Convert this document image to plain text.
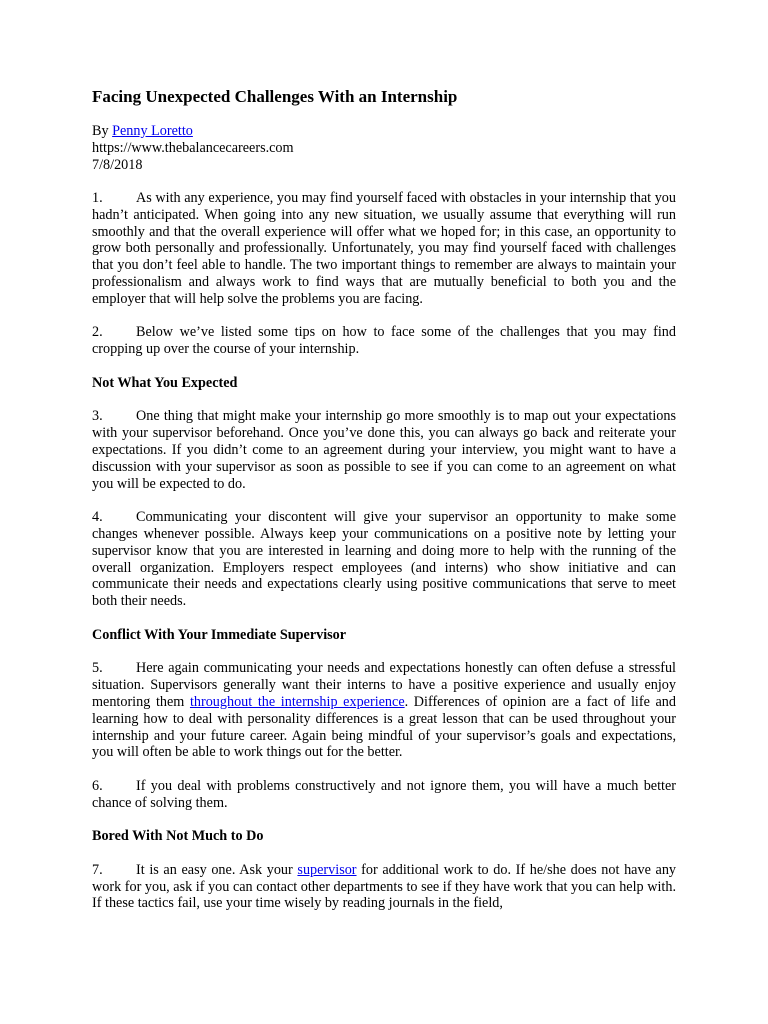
Facing Unexpected Challenges With an Internship
By Penny Loretto
https://www.thebalancecareers.com
7/8/2018

1. As with any experience, you may find yourself faced with obstacles in your internship that you hadn’t anticipated. When going into any new situation, we usually assume that everything will run smoothly and that the overall experience will offer what we hoped for; in this case, an opportunity to grow both personally and professionally. Unfortunately, you may find yourself faced with challenges that you don’t feel able to handle. The two important things to remember are always to maintain your professionalism and always work to find ways that are mutually beneficial to both you and the employer that will help solve the problems you are facing.

2. Below we’ve listed some tips on how to face some of the challenges that you may find cropping up over the course of your internship.

Not What You Expected

3. One thing that might make your internship go more smoothly is to map out your expectations with your supervisor beforehand. Once you’ve done this, you can always go back and reiterate your expectations. If you didn’t come to an agreement during your interview, you might want to have a discussion with your supervisor as soon as possible to see if you can come to an agreement on what you will be expected to do.

4. Communicating your discontent will give your supervisor an opportunity to make some changes whenever possible. Always keep your communications on a positive note by letting your supervisor know that you are interested in learning and doing more to help with the running of the overall organization. Employers respect employees (and interns) who show initiative and can communicate their needs and expectations clearly using positive communications that serve to meet both their needs.

Conflict With Your Immediate Supervisor

5. Here again communicating your needs and expectations honestly can often defuse a stressful situation. Supervisors generally want their interns to have a positive experience and usually enjoy mentoring them throughout the internship experience. Differences of opinion are a fact of life and learning how to deal with personality differences is a great lesson that can be used throughout your internship and your future career. Again being mindful of your supervisor’s goals and expectations, you will often be able to work things out for the better.

6. If you deal with problems constructively and not ignore them, you will have a much better chance of solving them.

Bored With Not Much to Do

7. It is an easy one. Ask your supervisor for additional work to do. If he/she does not have any work for you, ask if you can contact other departments to see if they have work that you can help with. If these tactics fail, use your time wisely by reading journals in the field,
